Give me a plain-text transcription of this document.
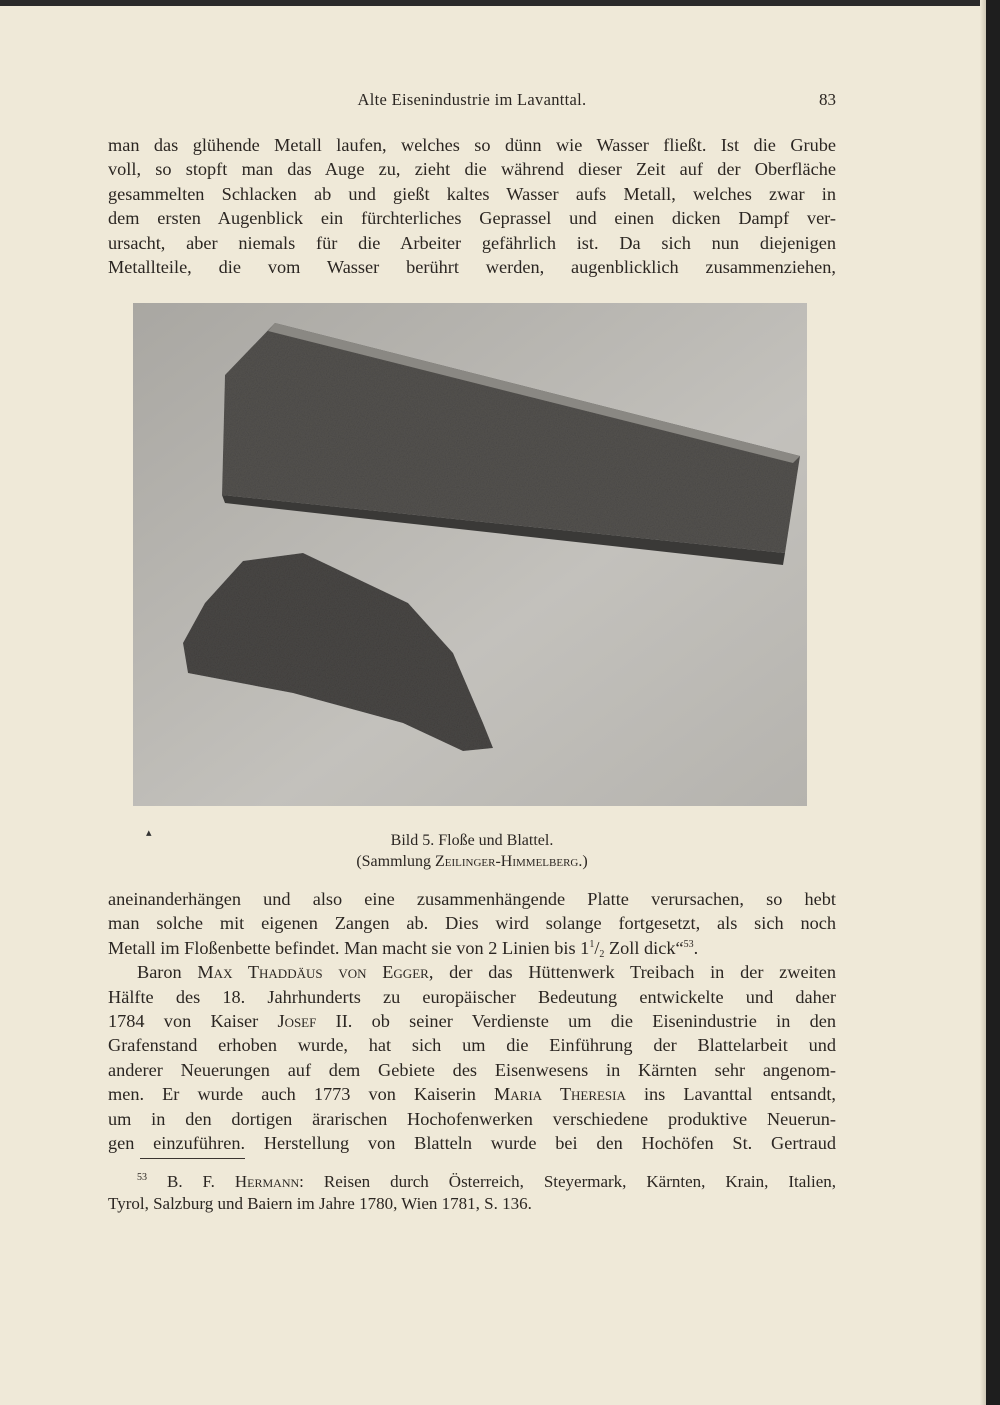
Alte Eisenindustrie im Lavanttal.	83
man das glühende Metall laufen, welches so dünn wie Wasser fließt. Ist die Grube
voll, so stopft man das Auge zu, zieht die während dieser Zeit auf der Oberfläche
gesammelten Schlacken ab und gießt kaltes Wasser aufs Metall, welches zwar in
dem ersten Augenblick ein fürchterliches Geprassel und einen dicken Dampf ver-
ursacht, aber niemals für die Arbeiter gefährlich ist. Da sich nun diejenigen
Metallteile, die vom Wasser berührt werden, augenblicklich zusammenziehen,
▴	Bild 5. Floße und Blattel.
(Sammlung Zeilinger-Himmelberg.)
aneinanderhängen und also eine zusammenhängende Platte verursachen, so hebt
man solche mit eigenen Zangen ab. Dies wird solange fortgesetzt, als sich noch
Metall im Floßenbette befindet. Man macht sie von 2 Linien bis $1^1/_2$ Zoll dick“$^{53}$.
Baron Max Thaddäus von Egger, der das Hüttenwerk Treibach in der zweiten
Hälfte des 18. Jahrhunderts zu europäischer Bedeutung entwickelte und daher
1784 von Kaiser Josef II. ob seiner Verdienste um die Eisenindustrie in den
Grafenstand erhoben wurde, hat sich um die Einführung der Blattelarbeit und
anderer Neuerungen auf dem Gebiete des Eisenwesens in Kärnten sehr angenom-
men. Er wurde auch 1773 von Kaiserin Maria Theresia ins Lavanttal entsandt,
um in den dortigen ärarischen Hochofenwerken verschiedene produktive Neuerun-
gen einzuführen. Herstellung von Blatteln wurde bei den Hochöfen St. Gertraud
$^{53}$ B. F. Hermann: Reisen durch Österreich, Steyermark, Kärnten, Krain, Italien,
Tyrol, Salzburg und Baiern im Jahre 1780, Wien 1781, S. 136.
